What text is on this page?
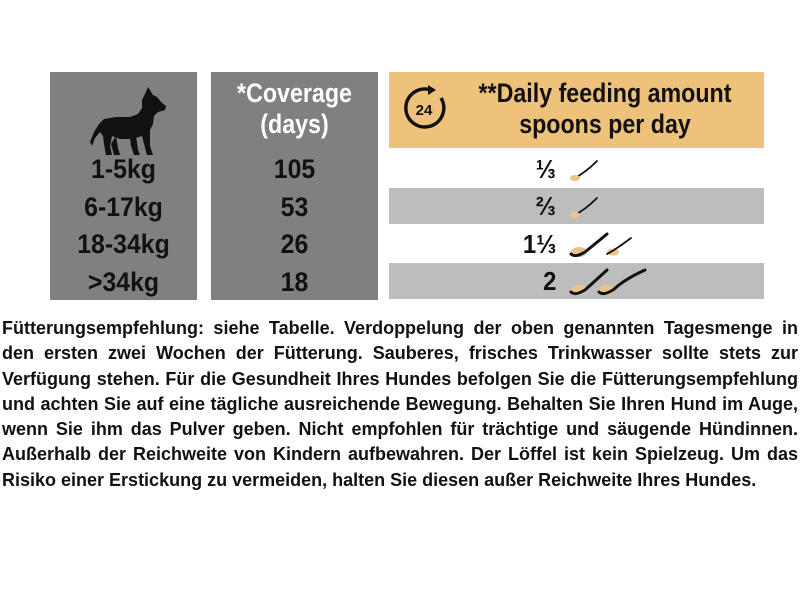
1-5kg
6-17kg
18-34kg
>34kg
*Coverage
(days)
105
53
26
18
24
**Daily feeding amount
spoons per day
⅓
⅔
1⅓
2
Fütterungsempfehlung: siehe Tabelle. Verdoppelung der oben genannten Tagesmenge in den ersten zwei Wochen der Fütterung. Sauberes, frisches Trinkwasser sollte stets zur Verfügung stehen. Für die Gesundheit Ihres Hundes befolgen Sie die Fütterungsempfehlung und achten Sie auf eine tägliche ausreichende Bewegung. Behalten Sie Ihren Hund im Auge, wenn Sie ihm das Pulver geben. Nicht empfohlen für trächtige und säugende Hündinnen. Außerhalb der Reichweite von Kindern aufbewahren. Der Löffel ist kein Spielzeug. Um das Risiko einer Erstickung zu vermeiden, halten Sie diesen außer Reichweite Ihres Hundes.
